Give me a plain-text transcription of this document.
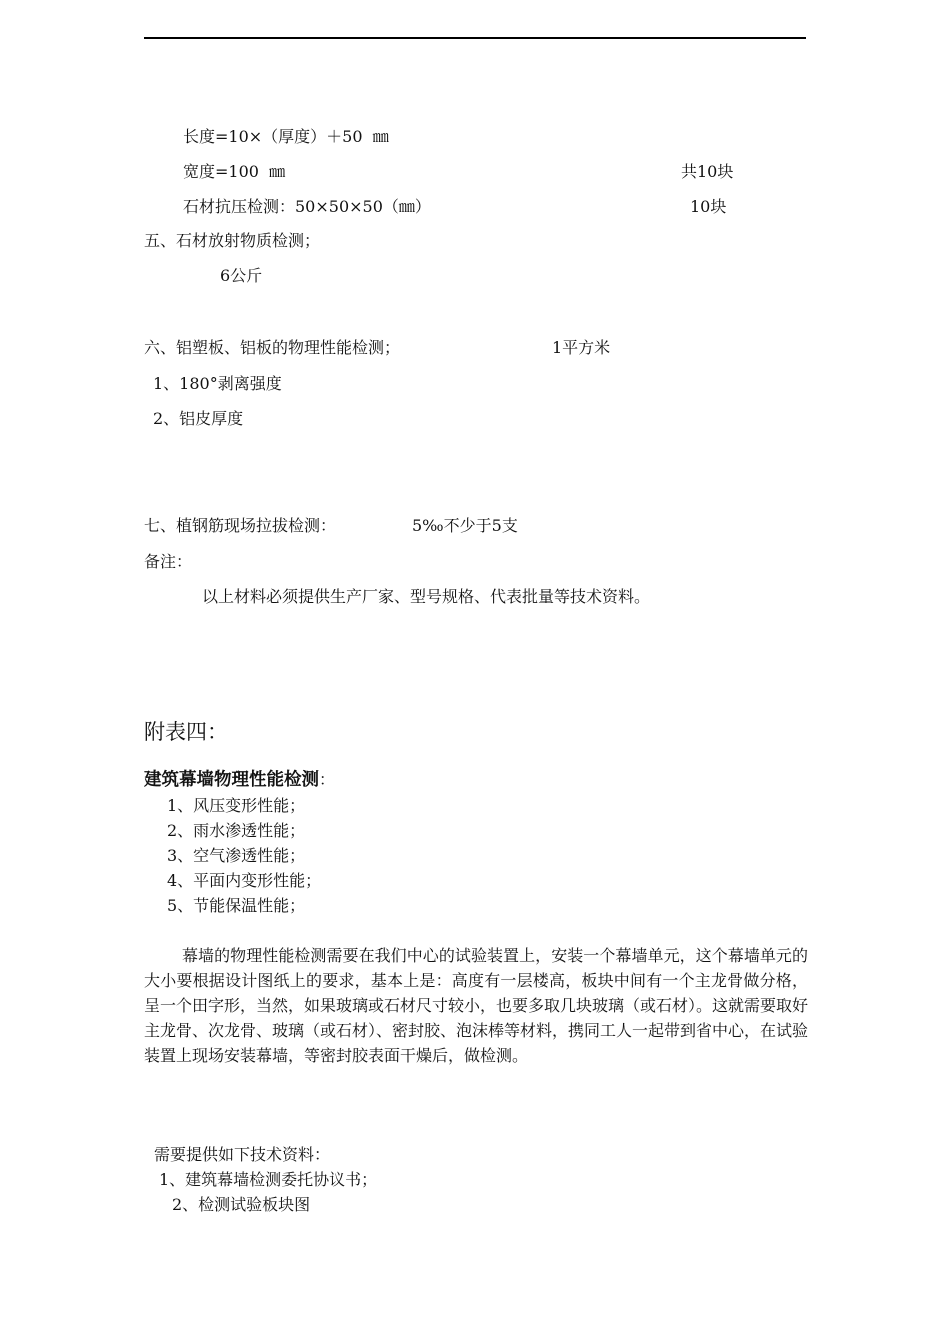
长度=10×（厚度）＋50  ㎜
宽度=100  ㎜	共10块
石材抗压检测：50×50×50（㎜）	10块
五、石材放射物质检测；
6公斤
六、铝塑板、铝板的物理性能检测；	1平方米
1、180°剥离强度
2、铝皮厚度
七、植钢筋现场拉拔检测：	5‰不少于5支
备注：
以上材料必须提供生产厂家、型号规格、代表批量等技术资料。
附表四：
建筑幕墙物理性能检测：
1、风压变形性能；
2、雨水渗透性能；
3、空气渗透性能；
4、平面内变形性能；
5、节能保温性能；
幕墙的物理性能检测需要在我们中心的试验装置上，安装一个幕墙单元，这个幕墙单元的大小要根据设计图纸上的要求，基本上是：高度有一层楼高，板块中间有一个主龙骨做分格，呈一个田字形，当然，如果玻璃或石材尺寸较小，也要多取几块玻璃（或石材）。这就需要取好主龙骨、次龙骨、玻璃（或石材）、密封胶、泡沫棒等材料，携同工人一起带到省中心，在试验装置上现场安装幕墙，等密封胶表面干燥后，做检测。
需要提供如下技术资料：
1、建筑幕墙检测委托协议书；
2、检测试验板块图
